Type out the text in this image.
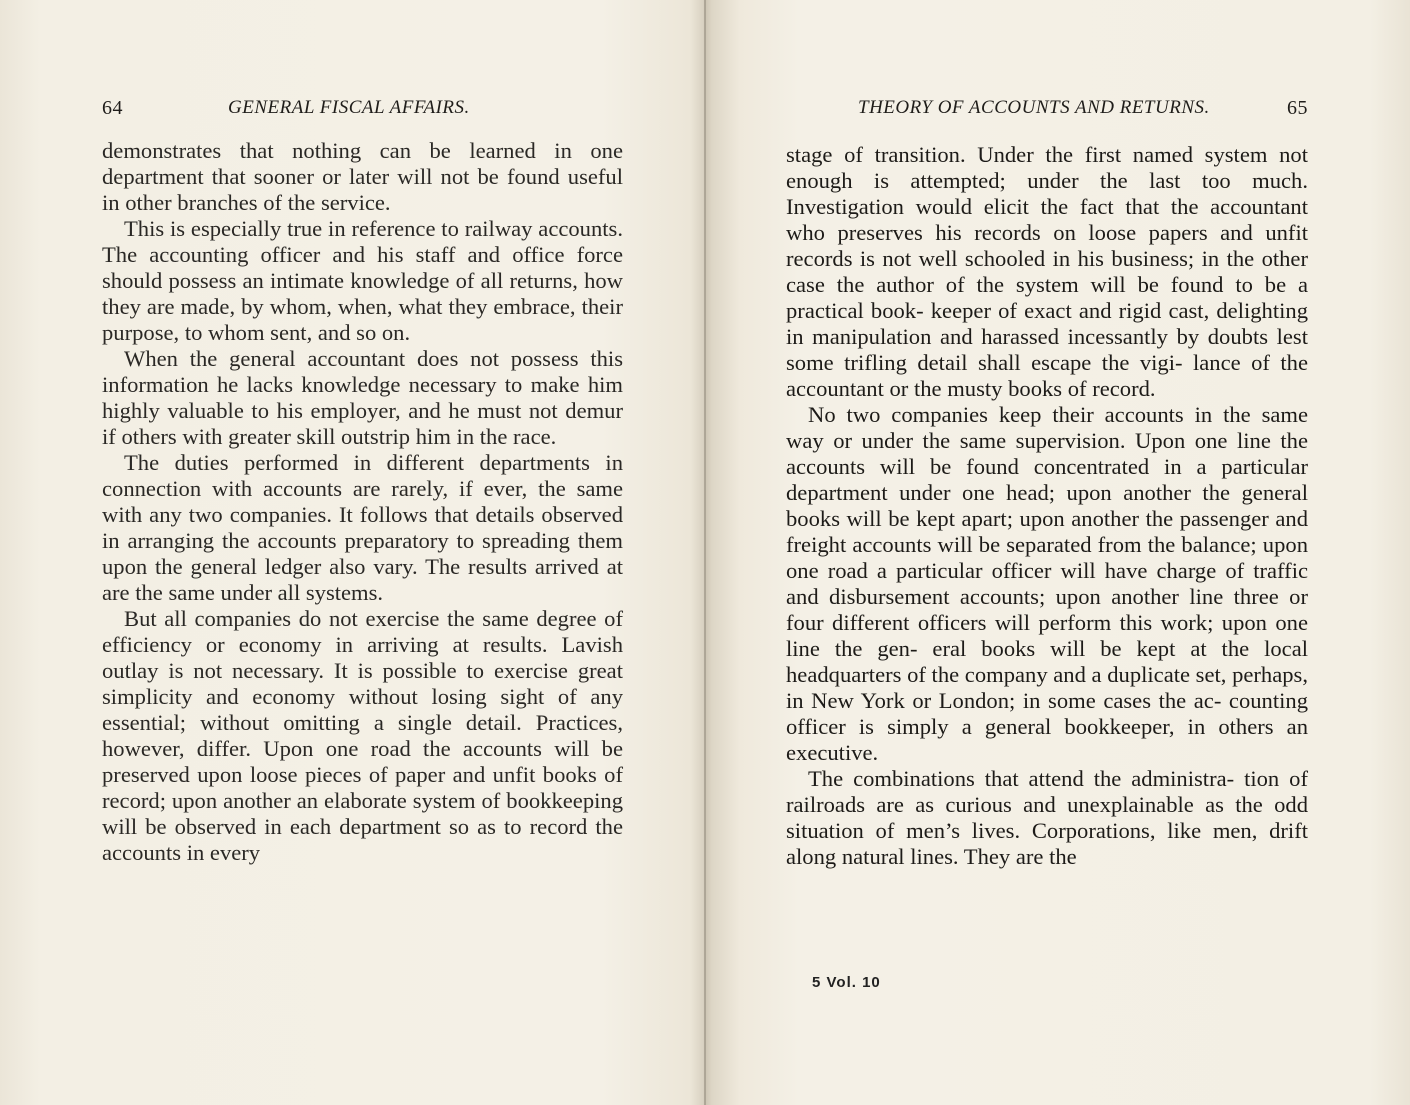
64	GENERAL FISCAL AFFAIRS.

demonstrates that nothing can be learned in one department that sooner or later will not be found useful in other branches of the service.

This is especially true in reference to railway accounts. The accounting officer and his staff and office force should possess an intimate knowledge of all returns, how they are made, by whom, when, what they embrace, their purpose, to whom sent, and so on.

When the general accountant does not possess this information he lacks knowledge necessary to make him highly valuable to his employer, and he must not demur if others with greater skill outstrip him in the race.

The duties performed in different departments in connection with accounts are rarely, if ever, the same with any two companies. It follows that details observed in arranging the accounts preparatory to spreading them upon the general ledger also vary. The results arrived at are the same under all systems.

But all companies do not exercise the same degree of efficiency or economy in arriving at results. Lavish outlay is not necessary. It is possible to exercise great simplicity and economy without losing sight of any essential; without omitting a single detail. Practices, however, differ. Upon one road the accounts will be preserved upon loose pieces of paper and unfit books of record; upon another an elaborate system of bookkeeping will be observed in each department so as to record the accounts in every

THEORY OF ACCOUNTS AND RETURNS.	65

stage of transition. Under the first named system not enough is attempted; under the last too much. Investigation would elicit the fact that the accountant who preserves his records on loose papers and unfit records is not well schooled in his business; in the other case the author of the system will be found to be a practical book- keeper of exact and rigid cast, delighting in manipulation and harassed incessantly by doubts lest some trifling detail shall escape the vigi- lance of the accountant or the musty books of record.

No two companies keep their accounts in the same way or under the same supervision. Upon one line the accounts will be found concentrated in a particular department under one head; upon another the general books will be kept apart; upon another the passenger and freight accounts will be separated from the balance; upon one road a particular officer will have charge of traffic and disbursement accounts; upon another line three or four different officers will perform this work; upon one line the gen- eral books will be kept at the local headquarters of the company and a duplicate set, perhaps, in New York or London; in some cases the ac- counting officer is simply a general bookkeeper, in others an executive.

The combinations that attend the administra- tion of railroads are as curious and unexplainable as the odd situation of men’s lives. Corporations, like men, drift along natural lines. They are the

5 Vol. 10
